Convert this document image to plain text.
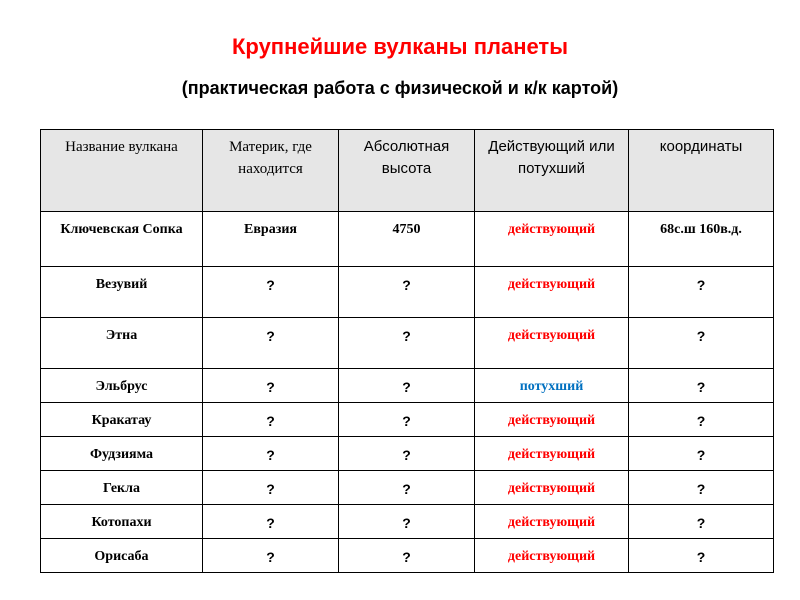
Крупнейшие вулканы планеты
(практическая работа с физической и к/к картой)
Название вулкана	Материк, где находится	Абсолютная высота	Действующий или потухший	координаты
Ключевская Сопка	Евразия	4750	действующий	68с.ш 160в.д.
Везувий	?	?	действующий	?
Этна	?	?	действующий	?
Эльбрус	?	?	потухший	?
Кракатау	?	?	действующий	?
Фудзияма	?	?	действующий	?
Гекла	?	?	действующий	?
Котопахи	?	?	действующий	?
Орисаба	?	?	действующий	?
